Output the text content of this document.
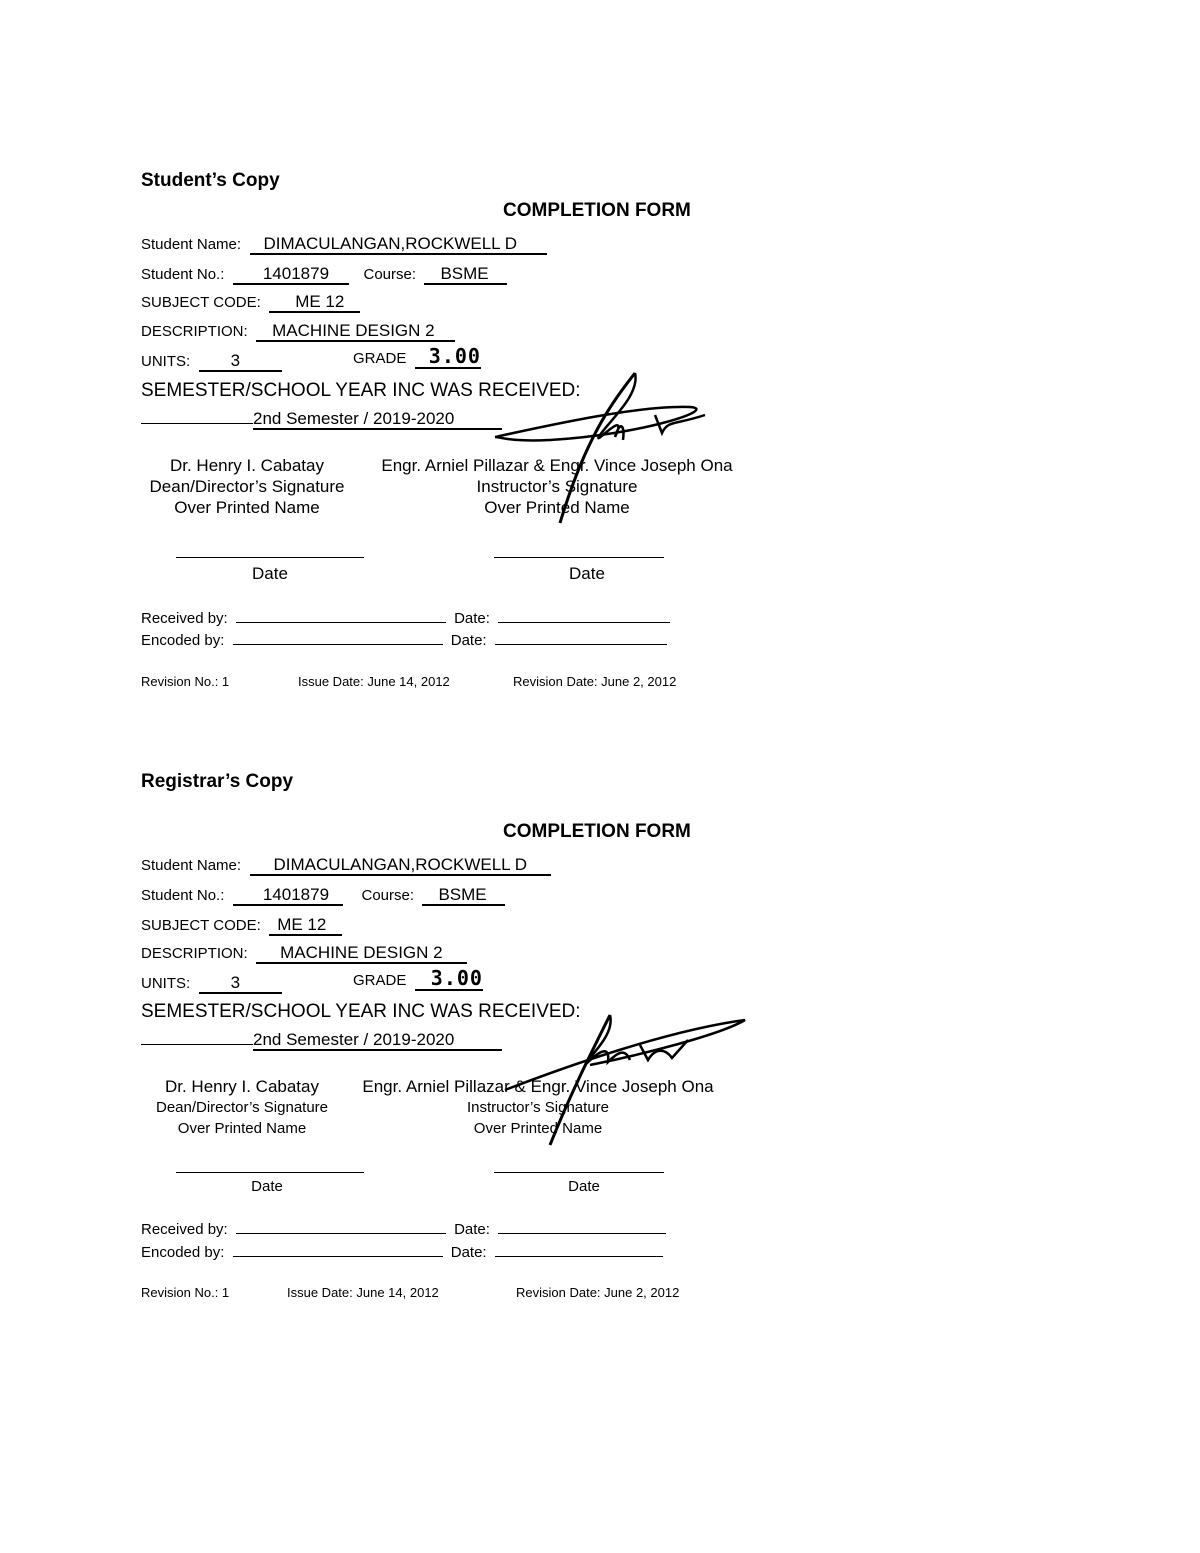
Student’s Copy
COMPLETION FORM
Student Name: DIMACULANGAN,ROCKWELL D
Student No.: 1401879 Course: BSME
SUBJECT CODE: ME 12
DESCRIPTION: MACHINE DESIGN 2
UNITS: 3	GRADE 3.00
SEMESTER/SCHOOL YEAR INC WAS RECEIVED:
2nd Semester / 2019-2020
Dr. Henry I. Cabatay
Dean/Director’s Signature
Over Printed Name
Engr. Arniel Pillazar & Engr. Vince Joseph Ona
Instructor’s Signature
Over Printed Name
Date	Date
Received by:	Date:
Encoded by:	Date:
Revision No.: 1	Issue Date: June 14, 2012	Revision Date: June 2, 2012
Registrar’s Copy
COMPLETION FORM
Student Name: DIMACULANGAN,ROCKWELL D
Student No.: 1401879 Course: BSME
SUBJECT CODE: ME 12
DESCRIPTION: MACHINE DESIGN 2
UNITS: 3	GRADE 3.00
SEMESTER/SCHOOL YEAR INC WAS RECEIVED:
2nd Semester / 2019-2020
Dr. Henry I. Cabatay
Dean/Director’s Signature
Over Printed Name
Engr. Arniel Pillazar & Engr. Vince Joseph Ona
Instructor’s Signature
Over Printed Name
Date	Date
Received by:	Date:
Encoded by:	Date:
Revision No.: 1	Issue Date: June 14, 2012	Revision Date: June 2, 2012
